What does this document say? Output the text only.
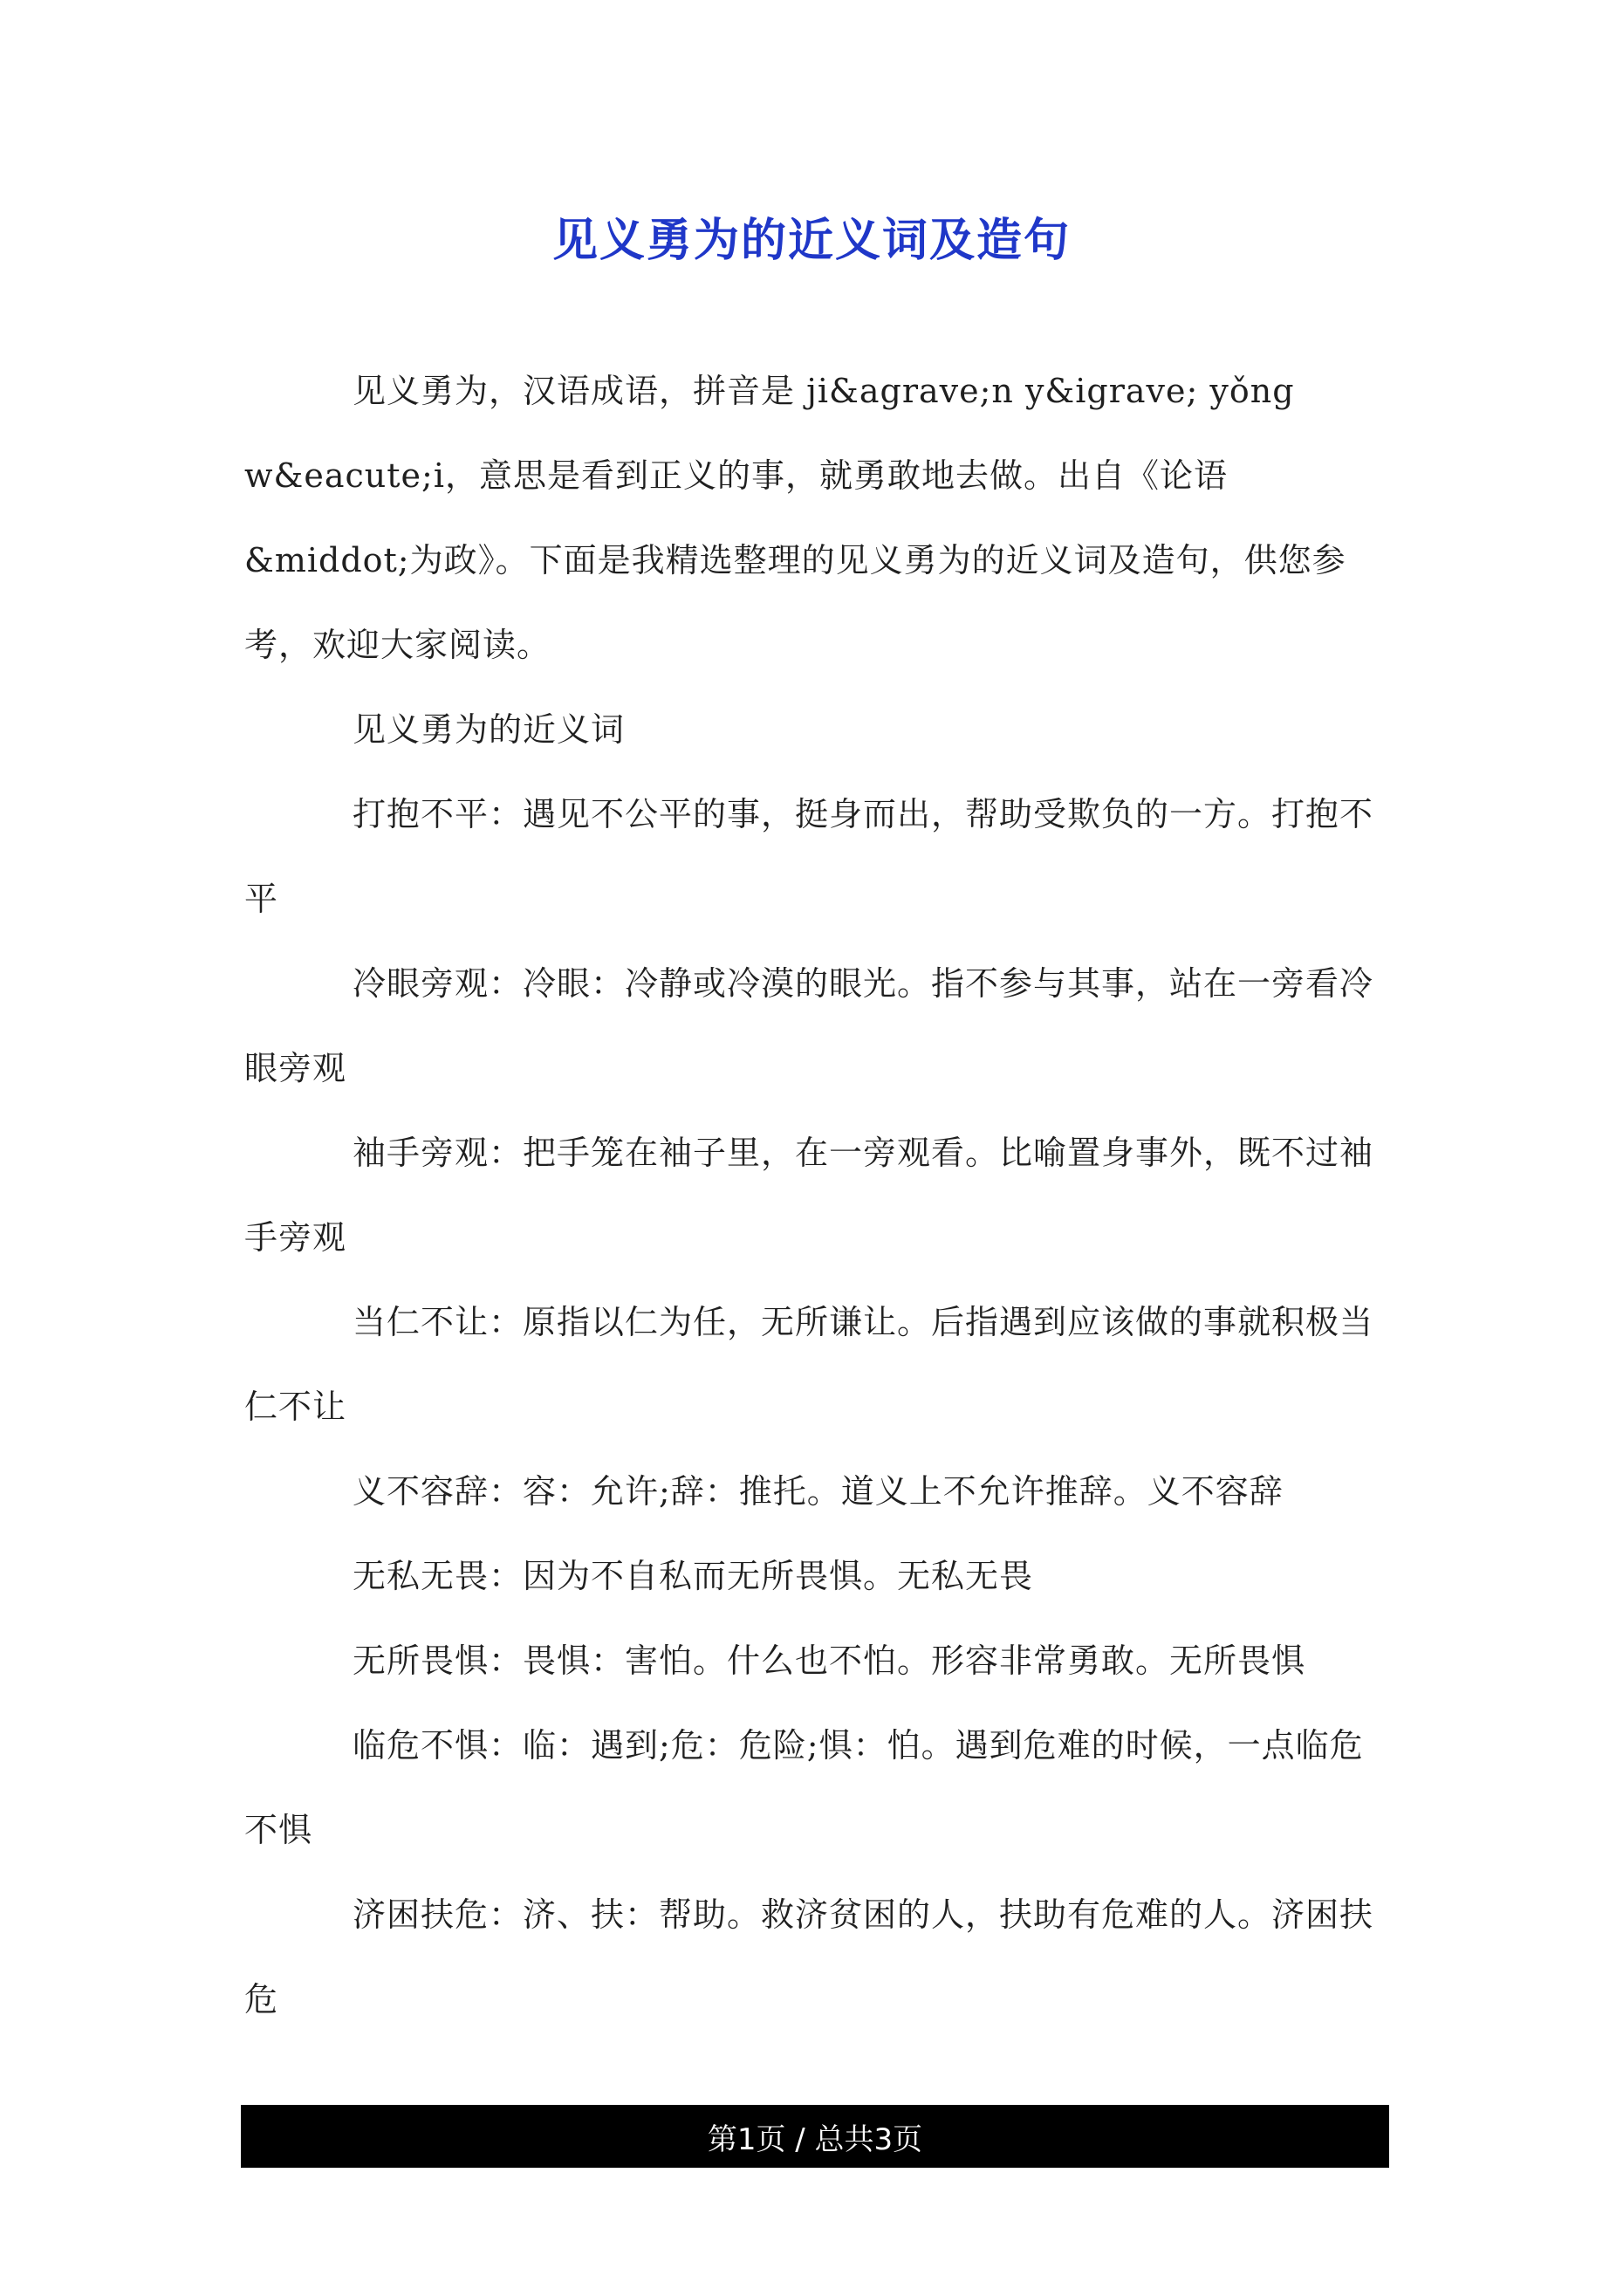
见义勇为的近义词及造句

见义勇为，汉语成语，拼音是 ji&agrave;n y&igrave; yǒng w&eacute;i，意思是看到正义的事，就勇敢地去做。出自《论语&middot;为政》。下面是我精选整理的见义勇为的近义词及造句，供您参考，欢迎大家阅读。

见义勇为的近义词

打抱不平：遇见不公平的事，挺身而出，帮助受欺负的一方。打抱不平

冷眼旁观：冷眼：冷静或冷漠的眼光。指不参与其事，站在一旁看冷眼旁观

袖手旁观：把手笼在袖子里，在一旁观看。比喻置身事外，既不过袖手旁观

当仁不让：原指以仁为任，无所谦让。后指遇到应该做的事就积极当仁不让

义不容辞：容：允许;辞：推托。道义上不允许推辞。义不容辞

无私无畏：因为不自私而无所畏惧。无私无畏

无所畏惧：畏惧：害怕。什么也不怕。形容非常勇敢。无所畏惧

临危不惧：临：遇到;危：危险;惧：怕。遇到危难的时候，一点临危不惧

济困扶危：济、扶：帮助。救济贫困的人，扶助有危难的人。济困扶危

第1页 / 总共3页
